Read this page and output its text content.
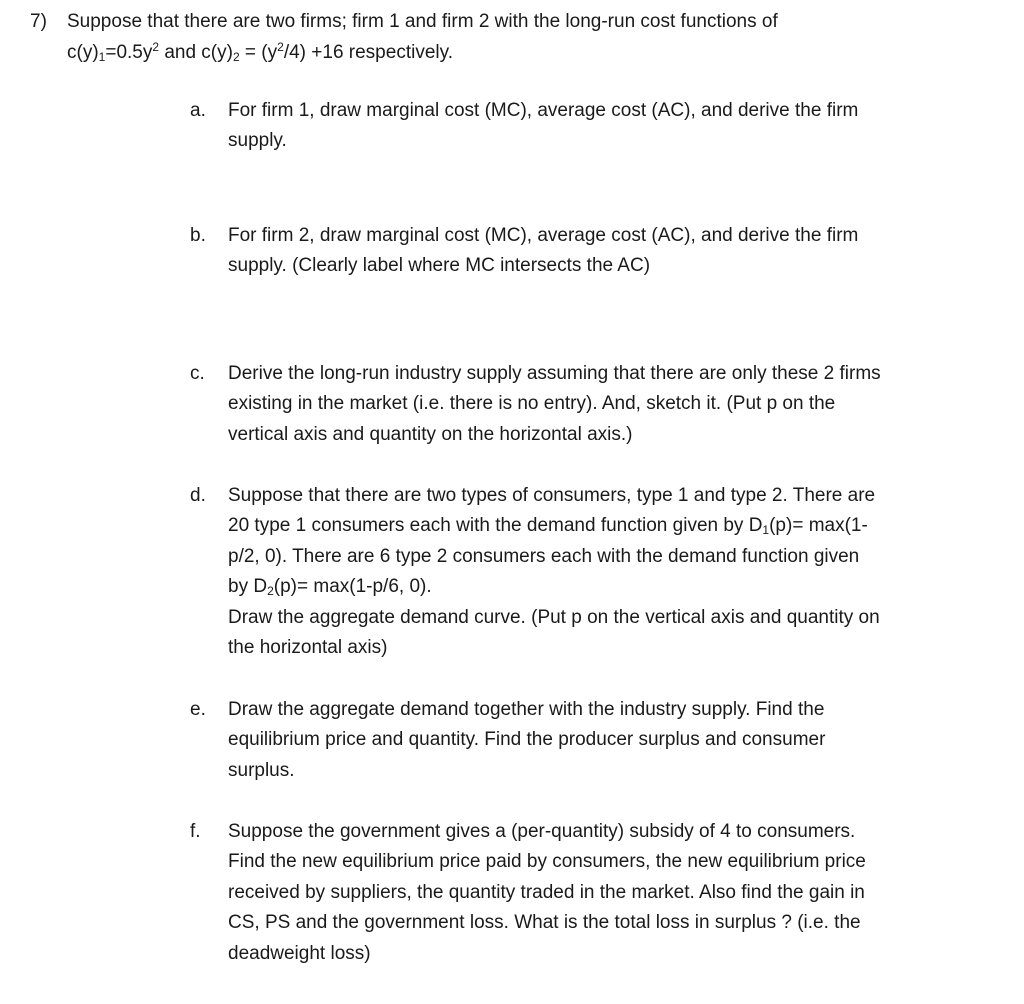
7) Suppose that there are two firms; firm 1 and firm 2 with the long-run cost functions of
$c(y)_1=0.5y^2$ and $c(y)_2 = (y^2/4) +16$ respectively.
a. For firm 1, draw marginal cost (MC), average cost (AC), and derive the firm
supply.
b. For firm 2, draw marginal cost (MC), average cost (AC), and derive the firm
supply. (Clearly label where MC intersects the AC)
c. Derive the long-run industry supply assuming that there are only these 2 firms
existing in the market (i.e. there is no entry). And, sketch it. (Put p on the
vertical axis and quantity on the horizontal axis.)
d. Suppose that there are two types of consumers, type 1 and type 2. There are
20 type 1 consumers each with the demand function given by $D_1(p)= \max(1-$
p/2, 0). There are 6 type 2 consumers each with the demand function given
by $D_2(p)= \max(1-p/6$, 0).
Draw the aggregate demand curve. (Put p on the vertical axis and quantity on
the horizontal axis)
e. Draw the aggregate demand together with the industry supply. Find the
equilibrium price and quantity. Find the producer surplus and consumer
surplus.
f. Suppose the government gives a (per-quantity) subsidy of 4 to consumers.
Find the new equilibrium price paid by consumers, the new equilibrium price
received by suppliers, the quantity traded in the market. Also find the gain in
CS, PS and the government loss. What is the total loss in surplus ? (i.e. the
deadweight loss)
